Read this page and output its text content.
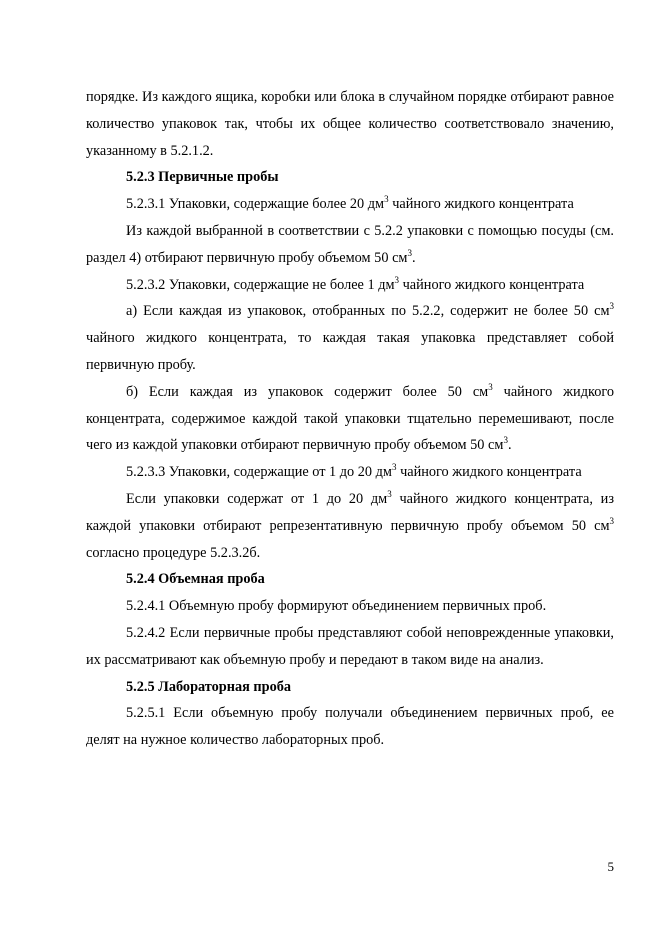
порядке. Из каждого ящика, коробки или блока в случайном порядке отбирают равное количество упаковок так, чтобы их общее количество соответствовало значению, указанному в 5.2.1.2.

5.2.3 Первичные пробы

5.2.3.1 Упаковки, содержащие более 20 $дм^3$ чайного жидкого концентрата

Из каждой выбранной в соответствии с 5.2.2 упаковки с помощью посуды (см. раздел 4) отбирают первичную пробу объемом 50 $см^3$.

5.2.3.2 Упаковки, содержащие не более 1 $дм^3$ чайного жидкого концентрата

а) Если каждая из упаковок, отобранных по 5.2.2, содержит не более 50 $см^3$ чайного жидкого концентрата, то каждая такая упаковка представляет собой первичную пробу.

б) Если каждая из упаковок содержит более 50 $см^3$ чайного жидкого концентрата, содержимое каждой такой упаковки тщательно перемешивают, после чего из каждой упаковки отбирают первичную пробу объемом 50 $см^3$.

5.2.3.3 Упаковки, содержащие от 1 до 20 $дм^3$ чайного жидкого концентрата

Если упаковки содержат от 1 до 20 $дм^3$ чайного жидкого концентрата, из каждой упаковки отбирают репрезентативную первичную пробу объемом 50 $см^3$ согласно процедуре 5.2.3.2б.

5.2.4 Объемная проба

5.2.4.1 Объемную пробу формируют объединением первичных проб.

5.2.4.2 Если первичные пробы представляют собой неповрежденные упаковки, их рассматривают как объемную пробу и передают в таком виде на анализ.

5.2.5 Лабораторная проба

5.2.5.1 Если объемную пробу получали объединением первичных проб, ее делят на нужное количество лабораторных проб.

5
